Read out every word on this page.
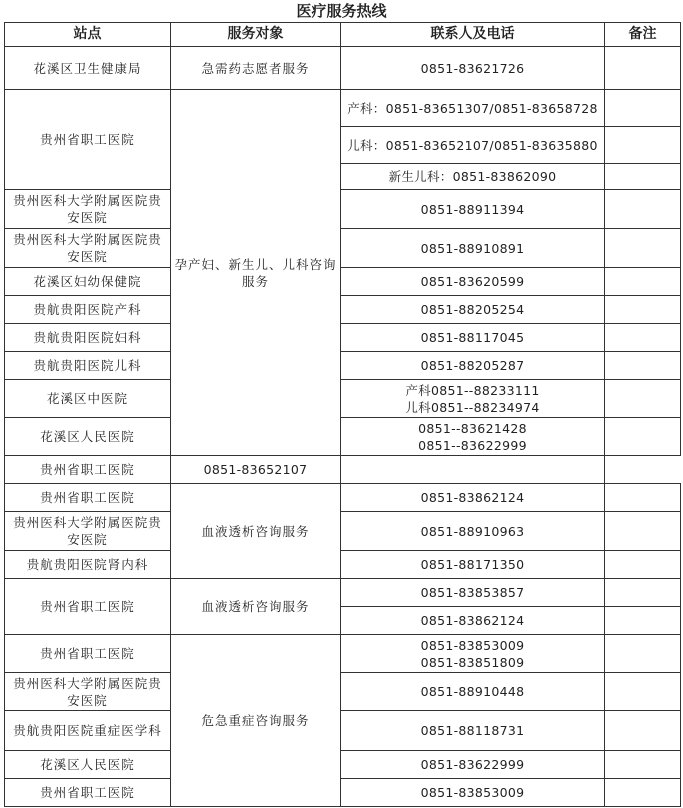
医疗服务热线
站点	服务对象	联系人及电话	备注
花溪区卫生健康局	急需药志愿者服务	0851-83621726	
贵州省职工医院	孕产妇、新生儿、儿科咨询服务	产科：0851-83651307/0851-83658728	
		儿科：0851-83652107/0851-83635880	
		新生儿科：0851-83862090	
贵州医科大学附属医院贵安医院		0851-88911394	
贵州医科大学附属医院贵安医院		0851-88910891	
花溪区妇幼保健院		0851-83620599	
贵航贵阳医院产科		0851-88205254	
贵航贵阳医院妇科		0851-88117045	
贵航贵阳医院儿科		0851-88205287	
花溪区中医院		产科0851--88233111
儿科0851--88234974	

花溪区人民医院		0851--83621428
0851--83622999	

贵州省职工医院	0851-83652107		
贵州省职工医院	血液透析咨询服务	0851-83862124	
贵州医科大学附属医院贵安医院		0851-88910963	
贵航贵阳医院肾内科		0851-88171350	
贵州省职工医院	血液透析咨询服务	0851-83853857	
		0851-83862124	
贵州省职工医院	危急重症咨询服务	0851-83853009
0851-83851809	

贵州医科大学附属医院贵安医院		0851-88910448	
贵航贵阳医院重症医学科		0851-88118731	
花溪区人民医院		0851-83622999	
贵州省职工医院		0851-83853009	
